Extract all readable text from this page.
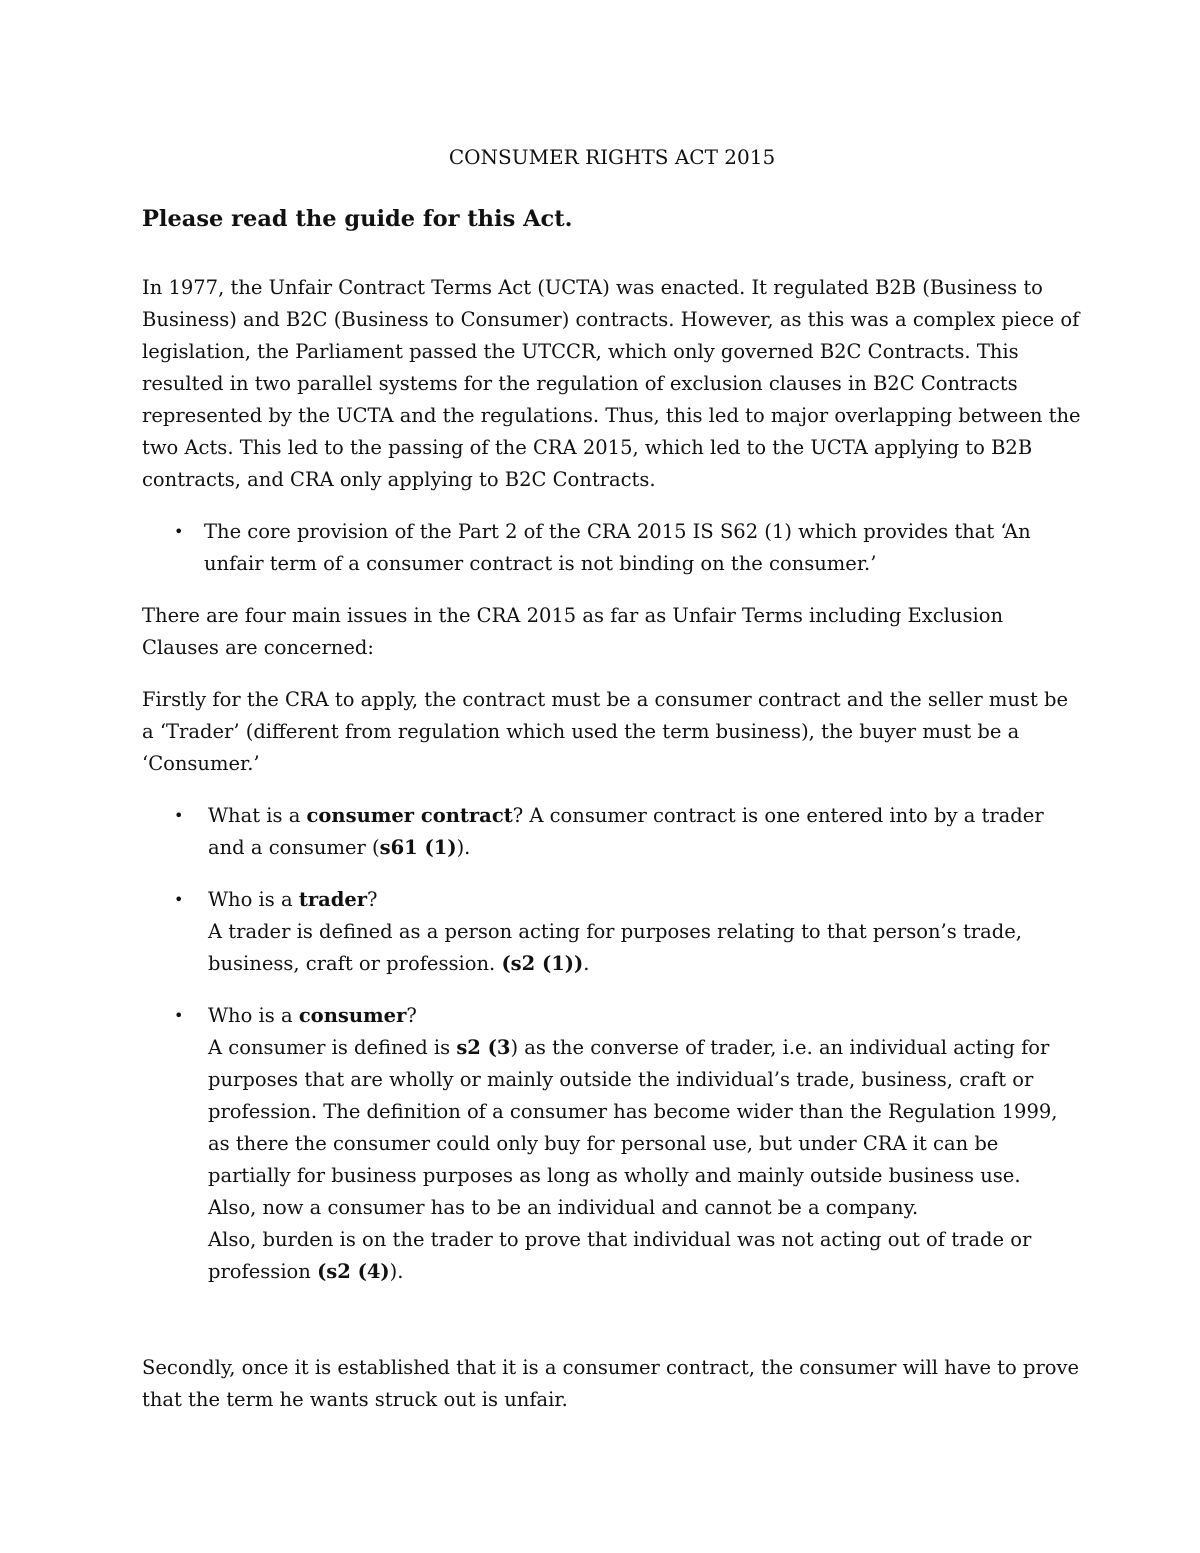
CONSUMER RIGHTS ACT 2015
Please read the guide for this Act.

In 1977, the Unfair Contract Terms Act (UCTA) was enacted. It regulated B2B (Business to Business) and B2C (Business to Consumer) contracts. However, as this was a complex piece of legislation, the Parliament passed the UTCCR, which only governed B2C Contracts. This resulted in two parallel systems for the regulation of exclusion clauses in B2C Contracts represented by the UCTA and the regulations. Thus, this led to major overlapping between the two Acts. This led to the passing of the CRA 2015, which led to the UCTA applying to B2B contracts, and CRA only applying to B2C Contracts.

• The core provision of the Part 2 of the CRA 2015 IS S62 (1) which provides that ‘An unfair term of a consumer contract is not binding on the consumer.’

There are four main issues in the CRA 2015 as far as Unfair Terms including Exclusion Clauses are concerned:

Firstly for the CRA to apply, the contract must be a consumer contract and the seller must be a ‘Trader’ (different from regulation which used the term business), the buyer must be a ‘Consumer.’

• What is a consumer contract? A consumer contract is one entered into by a trader and a consumer (s61 (1)).
• Who is a trader?
A trader is defined as a person acting for purposes relating to that person’s trade, business, craft or profession. (s2 (1)).
• Who is a consumer?
A consumer is defined is s2 (3) as the converse of trader, i.e. an individual acting for purposes that are wholly or mainly outside the individual’s trade, business, craft or profession. The definition of a consumer has become wider than the Regulation 1999, as there the consumer could only buy for personal use, but under CRA it can be partially for business purposes as long as wholly and mainly outside business use.
Also, now a consumer has to be an individual and cannot be a company.
Also, burden is on the trader to prove that individual was not acting out of trade or profession (s2 (4)).

Secondly, once it is established that it is a consumer contract, the consumer will have to prove that the term he wants struck out is unfair.
